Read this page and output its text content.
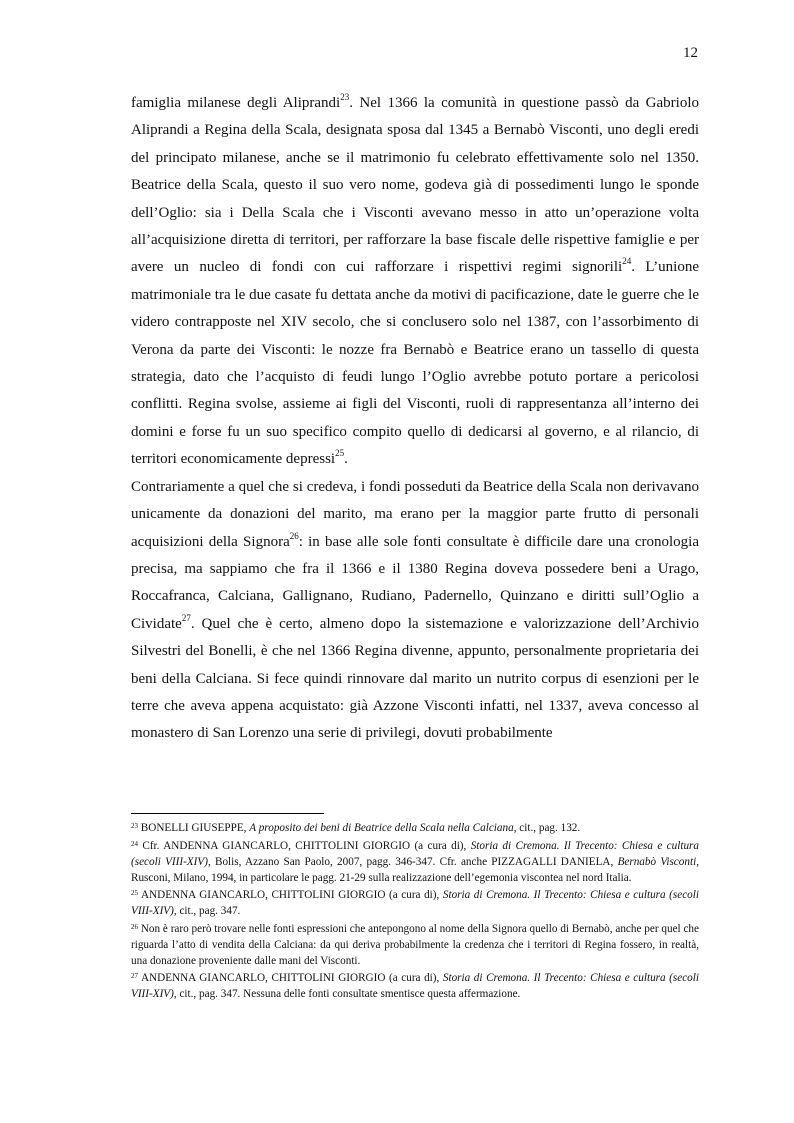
12

famiglia milanese degli Aliprandi$^{23}$. Nel 1366 la comunità in questione passò da Gabriolo Aliprandi a Regina della Scala, designata sposa dal 1345 a Bernabò Visconti, uno degli eredi del principato milanese, anche se il matrimonio fu celebrato effettivamente solo nel 1350. Beatrice della Scala, questo il suo vero nome, godeva già di possedimenti lungo le sponde dell’Oglio: sia i Della Scala che i Visconti avevano messo in atto un’operazione volta all’acquisizione diretta di territori, per rafforzare la base fiscale delle rispettive famiglie e per avere un nucleo di fondi con cui rafforzare i rispettivi regimi signorili$^{24}$. L’unione matrimoniale tra le due casate fu dettata anche da motivi di pacificazione, date le guerre che le videro contrapposte nel XIV secolo, che si conclusero solo nel 1387, con l’assorbimento di Verona da parte dei Visconti: le nozze fra Bernabò e Beatrice erano un tassello di questa strategia, dato che l’acquisto di feudi lungo l’Oglio avrebbe potuto portare a pericolosi conflitti. Regina svolse, assieme ai figli del Visconti, ruoli di rappresentanza all’interno dei domini e forse fu un suo specifico compito quello di dedicarsi al governo, e al rilancio, di territori economicamente depressi$^{25}$.

Contrariamente a quel che si credeva, i fondi posseduti da Beatrice della Scala non derivavano unicamente da donazioni del marito, ma erano per la maggior parte frutto di personali acquisizioni della Signora$^{26}$: in base alle sole fonti consultate è difficile dare una cronologia precisa, ma sappiamo che fra il 1366 e il 1380 Regina doveva possedere beni a Urago, Roccafranca, Calciana, Gallignano, Rudiano, Padernello, Quinzano e diritti sull’Oglio a Cividate$^{27}$. Quel che è certo, almeno dopo la sistemazione e valorizzazione dell’Archivio Silvestri del Bonelli, è che nel 1366 Regina divenne, appunto, personalmente proprietaria dei beni della Calciana. Si fece quindi rinnovare dal marito un nutrito corpus di esenzioni per le terre che aveva appena acquistato: già Azzone Visconti infatti, nel 1337, aveva concesso al monastero di San Lorenzo una serie di privilegi, dovuti probabilmente

$^{23}$ BONELLI GIUSEPPE, A proposito dei beni di Beatrice della Scala nella Calciana, cit., pag. 132.

$^{24}$ Cfr. ANDENNA GIANCARLO, CHITTOLINI GIORGIO (a cura di), Storia di Cremona. Il Trecento: Chiesa e cultura (secoli VIII-XIV), Bolis, Azzano San Paolo, 2007, pagg. 346-347. Cfr. anche PIZZAGALLI DANIELA, Bernabò Visconti, Rusconi, Milano, 1994, in particolare le pagg. 21-29 sulla realizzazione dell’egemonia viscontea nel nord Italia.

$^{25}$ ANDENNA GIANCARLO, CHITTOLINI GIORGIO (a cura di), Storia di Cremona. Il Trecento: Chiesa e cultura (secoli VIII-XIV), cit., pag. 347.

$^{26}$ Non è raro però trovare nelle fonti espressioni che antepongono al nome della Signora quello di Bernabò, anche per quel che riguarda l’atto di vendita della Calciana: da qui deriva probabilmente la credenza che i territori di Regina fossero, in realtà, una donazione proveniente dalle mani del Visconti.

$^{27}$ ANDENNA GIANCARLO, CHITTOLINI GIORGIO (a cura di), Storia di Cremona. Il Trecento: Chiesa e cultura (secoli VIII-XIV), cit., pag. 347. Nessuna delle fonti consultate smentisce questa affermazione.
